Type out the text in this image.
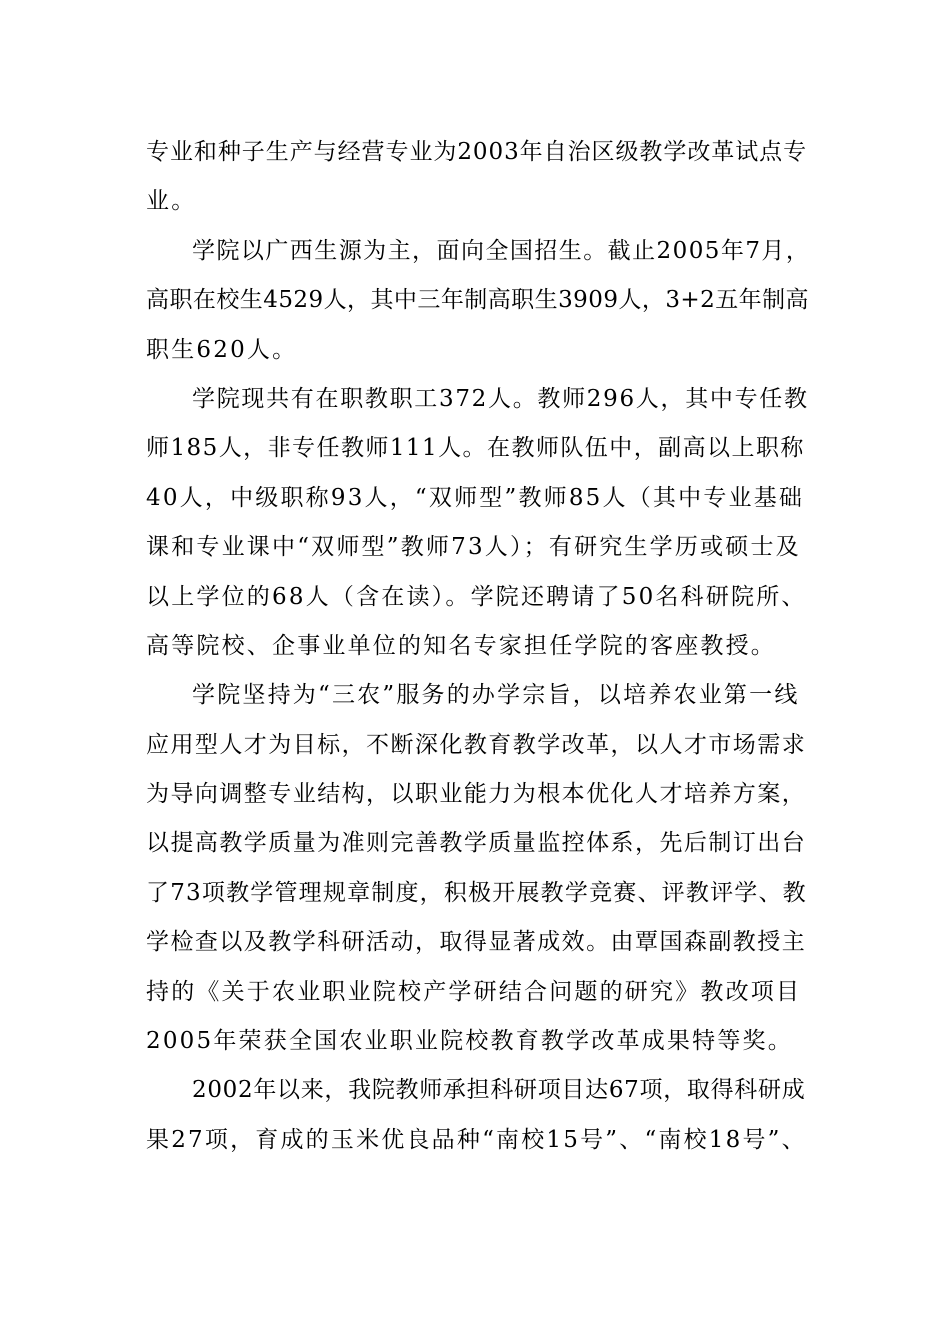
专业和种子生产与经营专业为2003年自治区级教学改革试点专
业。
学院以广西生源为主，面向全国招生。截止2005年7月，
高职在校生4529人，其中三年制高职生3909人，3+2五年制高
职生620人。
学院现共有在职教职工372人。教师296人，其中专任教
师185人，非专任教师111人。在教师队伍中，副高以上职称
40人，中级职称93人，“双师型”教师85人（其中专业基础
课和专业课中“双师型”教师73人）；有研究生学历或硕士及
以上学位的68人（含在读）。学院还聘请了50名科研院所、
高等院校、企事业单位的知名专家担任学院的客座教授。
学院坚持为“三农”服务的办学宗旨，以培养农业第一线
应用型人才为目标，不断深化教育教学改革，以人才市场需求
为导向调整专业结构，以职业能力为根本优化人才培养方案，
以提高教学质量为准则完善教学质量监控体系，先后制订出台
了73项教学管理规章制度，积极开展教学竞赛、评教评学、教
学检查以及教学科研活动，取得显著成效。由覃国森副教授主
持的《关于农业职业院校产学研结合问题的研究》教改项目
2005年荣获全国农业职业院校教育教学改革成果特等奖。
2002年以来，我院教师承担科研项目达67项，取得科研成
果27项，育成的玉米优良品种“南校15号”、“南校18号”、
